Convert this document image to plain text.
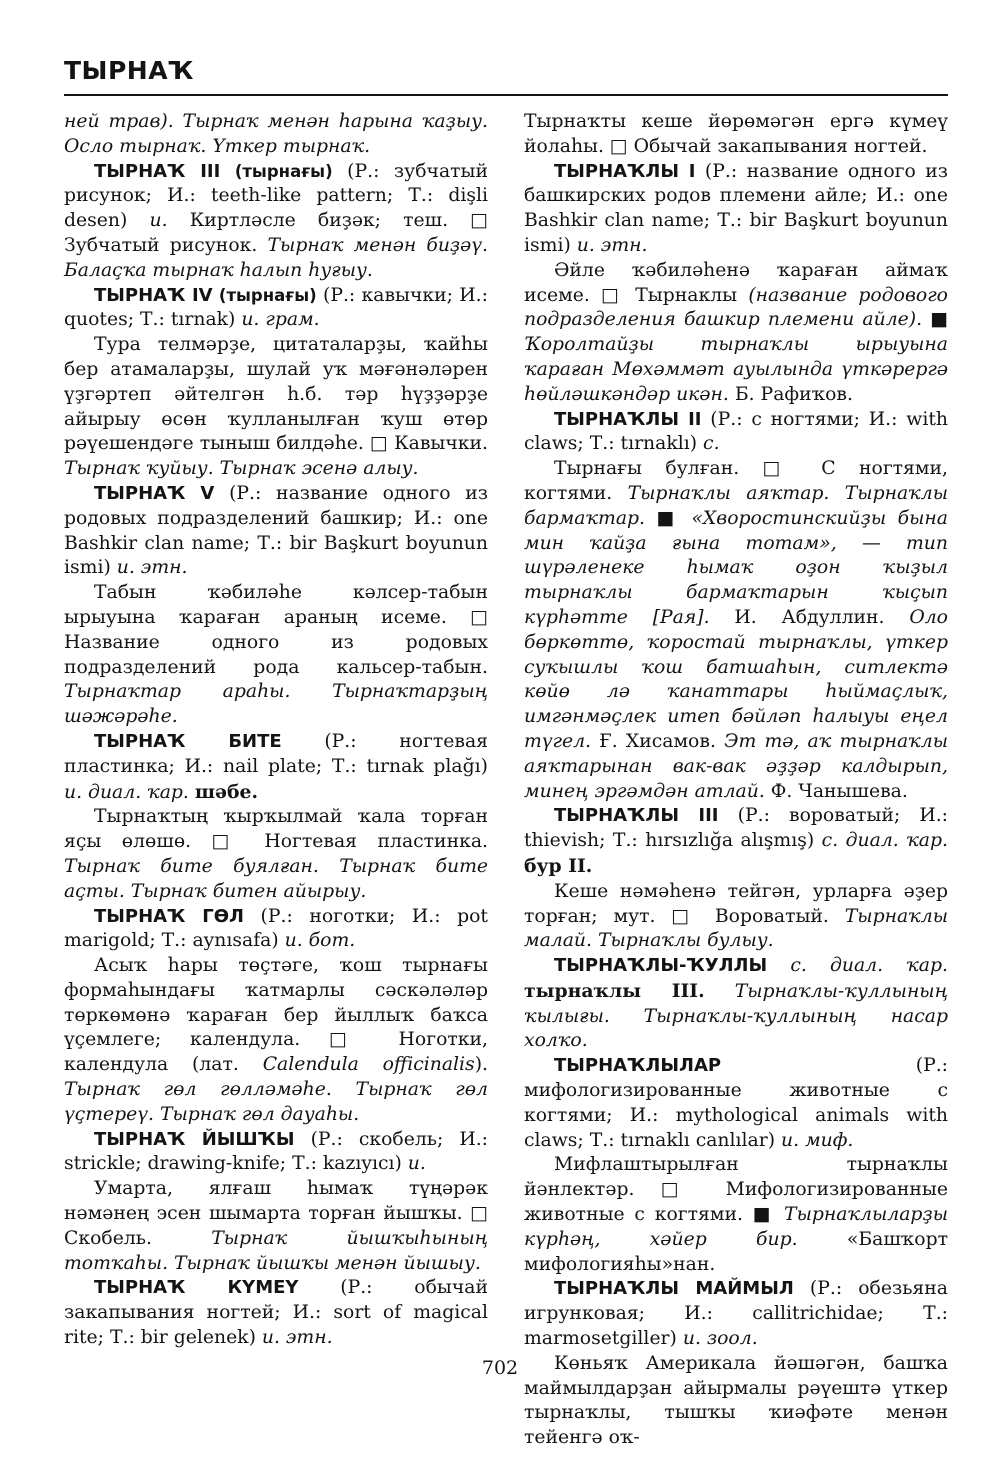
ТЫРНАҠ

ней трав). Тырнаҡ менән һарына ҡаҙыу. Осло тырнаҡ. Үткер тырнаҡ.

ТЫРНАҠ III (тырнағы) (Р.: зубчатый рисунок; И.: teeth-like pattern; Т.: dişli desen) и. Киртләсле биҙәк; теш. □ Зубчатый рисунок. Тырнаҡ менән биҙәү. Балаҫҡа тырнаҡ һалып һуғыу.

ТЫРНАҠ IV (тырнағы) (Р.: кавычки; И.: quotes; Т.: tırnak) и. грам.

Тура телмәрҙе, цитаталарҙы, ҡайһы бер атамаларҙы, шулай уҡ мәғәнәләрен үҙгәртеп әйтелгән һ.б. тәр һүҙҙәрҙе айырыу өсөн ҡулланылған ҡуш өтөр рәүешендәге тыныш билдәһе. □ Кавычки. Тырнаҡ ҡуйыу. Тырнаҡ эсенә алыу.

ТЫРНАҠ V (Р.: название одного из родовых подразделений башкир; И.: one Bashkir clan name; Т.: bir Başkurt boyunun ismi) и. этн.

Табын ҡәбиләһе кәлсер-табын ырыуына ҡараған араның исеме. □ Название одного из родовых подразделений рода кальсер-табын. Тырнаҡтар араһы. Тырнаҡтарҙың шәжәрәһе.

ТЫРНАҠ БИТЕ (Р.: ногтевая пластинка; И.: nail plate; Т.: tırnak plağı) и. диал. ҡар. шәбе.

Тырнаҡтың ҡырҡылмай ҡала торған яҫы өлөшө. □ Ногтевая пластинка. Тырнаҡ бите буялған. Тырнаҡ бите аҫты. Тырнаҡ битен айырыу.

ТЫРНАҠ ГӨЛ (Р.: ноготки; И.: pot marigold; Т.: aynısafa) и. бот.

Асыҡ һары төҫтәге, ҡош тырнағы формаһындағы ҡатмарлы сәскәләләр төркөмөнә ҡараған бер йыллыҡ баҡса үҫемлеге; календула. □ Ноготки, календула (лат. Calendula officinalis). Тырнаҡ гөл гөлләмәһе. Тырнаҡ гөл үҫтереү. Тырнаҡ гөл дауаһы.

ТЫРНАҠ ЙЫШҠЫ (Р.: скобель; И.: strickle; drawing-knife; Т.: kazıyıcı) и.

Умарта, ялғаш һымаҡ түңәрәк нәмәнең эсен шымарта торған йышҡы. □ Скобель. Тырнаҡ йышҡыһының тотҡаһы. Тырнаҡ йышҡы менән йышыу.

ТЫРНАҠ КҮМЕҮ (Р.: обычай закапывания ногтей; И.: sort of magical rite; Т.: bir gelenek) и. этн.

Тырнаҡты кеше йөрөмәгән ергә күмеү йолаһы. □ Обычай закапывания ногтей.

ТЫРНАҠЛЫ I (Р.: название одного из башкирских родов племени айле; И.: one Bashkir clan name; Т.: bir Başkurt boyunun ismi) и. этн.

Әйле ҡәбиләһенә ҡараған аймаҡ исеме. □ Тырнаклы (название родового подразделения башкир племени айле). ■ Ҡоролтайҙы тырнаҡлы ырыуына ҡараған Мөхәммәт ауылында үткәрергә һөйләшкәндәр икән. Б. Рафиҡов.

ТЫРНАҠЛЫ II (Р.: с ногтями; И.: with claws; Т.: tırnaklı) с.

Тырнағы булған. □ С ногтями, когтями. Тырнаҡлы аяҡтар. Тырнаҡлы бармаҡтар. ■ «Хворостинскийҙы бына мин ҡайҙа ғына тотам», — тип шүрәленеке һымаҡ оҙон ҡыҙыл тырнаҡлы бармаҡтарын ҡыҫып күрһәтте [Рая]. И. Абдуллин. Оло бөркөттө, ҡоростай тырнаҡлы, үткер суҡышлы ҡош батшаһын, ситлектә көйө лә ҡанаттары һыймаҫлыҡ, имгәнмәҫлек итеп бәйләп һалыуы еңел түгел. Ғ. Хисамов. Эт тә, аҡ тырнаҡлы аяҡтарынан вак-вак әҙҙәр калдырып, минең эргәмдән атлай. Ф. Чанышева.

ТЫРНАҠЛЫ III (Р.: вороватый; И.: thievish; Т.: hırsızlığa alışmış) с. диал. ҡар. бур II.

Кеше нәмәһенә тейгән, урларға әҙер торған; мут. □ Вороватый. Тырнаҡлы малай. Тырнаҡлы булыу.

ТЫРНАҠЛЫ-ҠУЛЛЫ с. диал. ҡар. тырнаҡлы III. Тырнаҡлы-ҡуллының ҡылығы. Тырнаҡлы-ҡуллының насар холҡо.

ТЫРНАҠЛЫЛАР (Р.: мифологизированные животные с когтями; И.: mythological animals with claws; Т.: tırnaklı canlılar) и. миф.

Мифлаштырылған тырнаҡлы йәнлектәр. □ Мифологизированные животные с когтями. ■ Тырнаҡлыларҙы күрһәң, хәйер бир. «Башҡорт мифологияһы»нан.

ТЫРНАҠЛЫ МАЙМЫЛ (Р.: обезьяна игрунковая; И.: callitrichidae; Т.: marmosetgiller) и. зоол.

Көньяҡ Америкала йәшәгән, башҡа маймылдарҙан айырмалы рәүештә үткер тырнаҡлы, тышҡы ҡиәфәте менән тейенгә оҡ-

702
